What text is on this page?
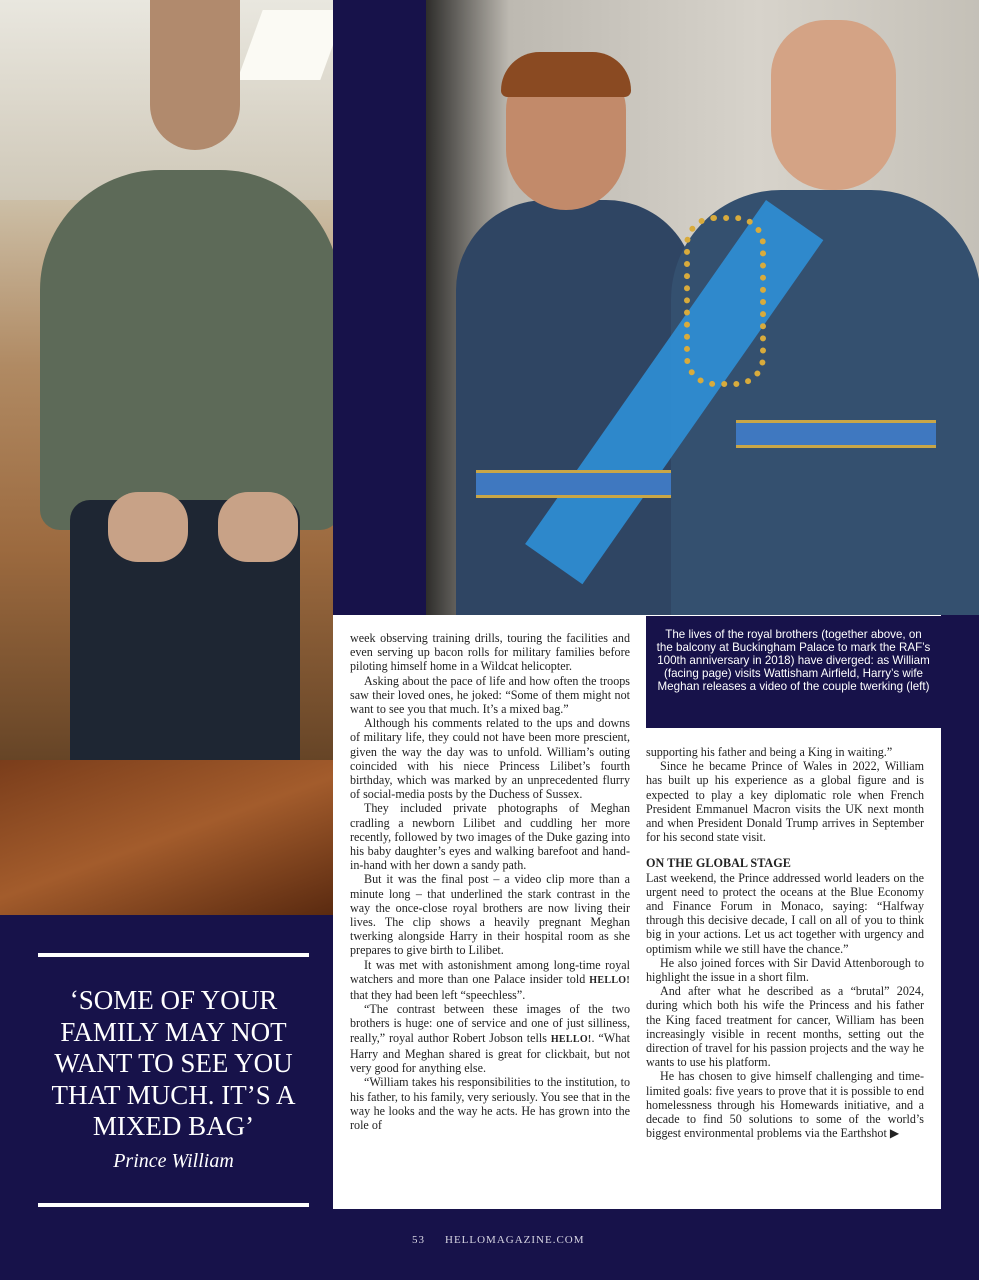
week observing training drills, touring the facilities and even serving up bacon rolls for military families before piloting himself home in a Wildcat helicopter.

Asking about the pace of life and how often the troops saw their loved ones, he joked: “Some of them might not want to see you that much. It’s a mixed bag.”

Although his comments related to the ups and downs of military life, they could not have been more prescient, given the way the day was to unfold. William’s outing coincided with his niece Princess Lilibet’s fourth birthday, which was marked by an unprecedented flurry of social-media posts by the Duchess of Sussex.

They included private photographs of Meghan cradling a newborn Lilibet and cuddling her more recently, followed by two images of the Duke gazing into his baby daughter’s eyes and walking barefoot and hand-in-hand with her down a sandy path.

But it was the final post – a video clip more than a minute long – that underlined the stark contrast in the way the once-close royal brothers are now living their lives. The clip shows a heavily pregnant Meghan twerking alongside Harry in their hospital room as she prepares to give birth to Lilibet.

It was met with astonishment among long-time royal watchers and more than one Palace insider told HELLO! that they had been left “speechless”.

“The contrast between these images of the two brothers is huge: one of service and one of just silliness, really,” royal author Robert Jobson tells HELLO!. “What Harry and Meghan shared is great for clickbait, but not very good for anything else.

“William takes his responsibilities to the institution, to his father, to his family, very seriously. You see that in the way he looks and the way he acts. He has grown into the role of

supporting his father and being a King in waiting.”

Since he became Prince of Wales in 2022, William has built up his experience as a global figure and is expected to play a key diplomatic role when French President Emmanuel Macron visits the UK next month and when President Donald Trump arrives in September for his second state visit.

ON THE GLOBAL STAGE

Last weekend, the Prince addressed world leaders on the urgent need to protect the oceans at the Blue Economy and Finance Forum in Monaco, saying: “Halfway through this decisive decade, I call on all of you to think big in your actions. Let us act together with urgency and optimism while we still have the chance.”

He also joined forces with Sir David Attenborough to highlight the issue in a short film.

And after what he described as a “brutal” 2024, during which both his wife the Princess and his father the King faced treatment for cancer, William has been increasingly visible in recent months, setting out the direction of travel for his passion projects and the way he wants to use his platform.

He has chosen to give himself challenging and time-limited goals: five years to prove that it is possible to end homelessness through his Homewards initiative, and a decade to find 50 solutions to some of the world’s biggest environmental problems via the Earthshot ▶

The lives of the royal brothers (together above, on the balcony at Buckingham Palace to mark the RAF’s 100th anniversary in 2018) have diverged: as William (facing page) visits Wattisham Airfield, Harry’s wife Meghan releases a video of the couple twerking (left)
‘SOME OF YOUR FAMILY MAY NOT WANT TO SEE YOU THAT MUCH. IT’S A MIXED BAG’
Prince William
53 HELLOMAGAZINE.COM
